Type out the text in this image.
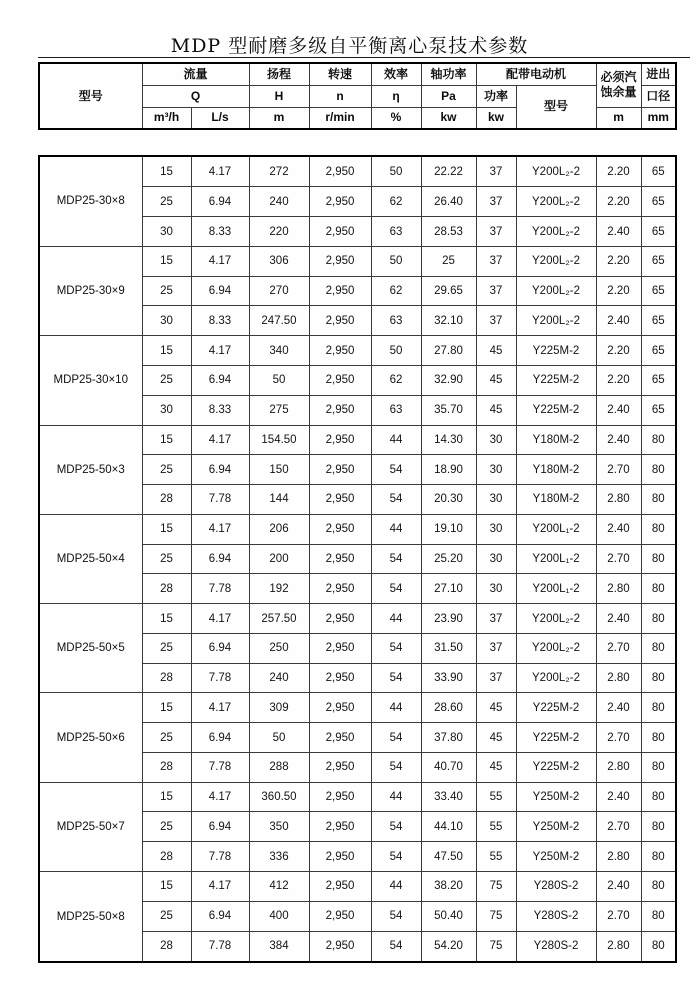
MDP 型耐磨多级自平衡离心泵技术参数
型号	流量		扬程	转速	效率	轴功率	配带电动机		必须汽蚀余量	进出
	Q		H	n	η	Pa	功率	型号		口径
	m³/h	L/s	m	r/min	%	kw	kw		m	mm
MDP25-30×8	15	4.17	272	2,950	50	22.22	37	Y200L₂-2	2.20	65
	25	6.94	240	2,950	62	26.40	37	Y200L₂-2	2.20	65
	30	8.33	220	2,950	63	28.53	37	Y200L₂-2	2.40	65
MDP25-30×9	15	4.17	306	2,950	50	25	37	Y200L₂-2	2.20	65
	25	6.94	270	2,950	62	29.65	37	Y200L₂-2	2.20	65
	30	8.33	247.50	2,950	63	32.10	37	Y200L₂-2	2.40	65
MDP25-30×10	15	4.17	340	2,950	50	27.80	45	Y225M-2	2.20	65
	25	6.94	50	2,950	62	32.90	45	Y225M-2	2.20	65
	30	8.33	275	2,950	63	35.70	45	Y225M-2	2.40	65
MDP25-50×3	15	4.17	154.50	2,950	44	14.30	30	Y180M-2	2.40	80
	25	6.94	150	2,950	54	18.90	30	Y180M-2	2.70	80
	28	7.78	144	2,950	54	20.30	30	Y180M-2	2.80	80
MDP25-50×4	15	4.17	206	2,950	44	19.10	30	Y200L₁-2	2.40	80
	25	6.94	200	2,950	54	25.20	30	Y200L₁-2	2.70	80
	28	7.78	192	2,950	54	27.10	30	Y200L₁-2	2.80	80
MDP25-50×5	15	4.17	257.50	2,950	44	23.90	37	Y200L₂-2	2.40	80
	25	6.94	250	2,950	54	31.50	37	Y200L₂-2	2.70	80
	28	7.78	240	2,950	54	33.90	37	Y200L₂-2	2.80	80
MDP25-50×6	15	4.17	309	2,950	44	28.60	45	Y225M-2	2.40	80
	25	6.94	50	2,950	54	37.80	45	Y225M-2	2.70	80
	28	7.78	288	2,950	54	40.70	45	Y225M-2	2.80	80
MDP25-50×7	15	4.17	360.50	2,950	44	33.40	55	Y250M-2	2.40	80
	25	6.94	350	2,950	54	44.10	55	Y250M-2	2.70	80
	28	7.78	336	2,950	54	47.50	55	Y250M-2	2.80	80
MDP25-50×8	15	4.17	412	2,950	44	38.20	75	Y280S-2	2.40	80
	25	6.94	400	2,950	54	50.40	75	Y280S-2	2.70	80
	28	7.78	384	2,950	54	54.20	75	Y280S-2	2.80	80
